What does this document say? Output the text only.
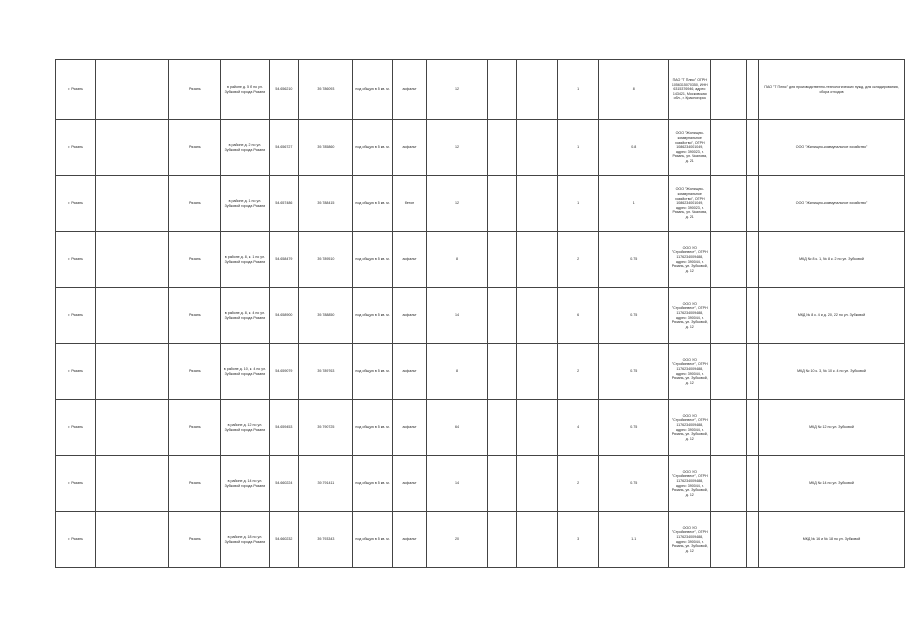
г. Рязань		Рязань	в районе д. 5 б по ул. Зубковой города Рязани	54.656210	39.786093	под общую в 5 кв. м.	асфальт	12			1	8	ПАО "Т Плюс" ОГРН 1056315070350, ИНН 6315376946, адрес: 143421, Московская обл., г. Красногорск			ПАО "Т Плюс" для производственно-технологических нужд, для складирования, сбора отходов
г. Рязань		Рязань	в районе д. 2 по ул. Зубковой города Рязани	54.656727	39.785860	под общую в 5 кв. м.	асфальт	12			1	0.8	ООО "Жилищно-коммунальное хозяйство", ОГРН 1086234001049, адрес: 390023, г. Рязань, ул. Чкалова, д. 21			ООО "Жилищно-коммунальное хозяйство"
г. Рязань		Рязань	в районе д. 1 по ул. Зубковой города Рязани	54.657486	39.788415	под общую в 5 кв. м.	бетон	12			1	1	ООО "Жилищно-коммунальное хозяйство", ОГРН 1086234001049, адрес: 390023, г. Рязань, ул. Чкалова, д. 21			ООО "Жилищно-коммунальное хозяйство"
г. Рязань		Рязань	в районе д. 8, к. 1 по ул. Зубковой города Рязани	54.658479	39.789510	под общую в 5 кв. м.	асфальт	8			2	0.75	ООО УО "Стройинвест", ОГРН 1176234009488, адрес: 390044, г. Рязань, ул. Зубковой, д. 12			МКД № 8 к. 1, № 8 к. 2 по ул. Зубковой
г. Рязань		Рязань	в районе д. 8, к. 4 по ул. Зубковой города Рязани	54.658900	39.788850	под общую в 5 кв. м.	асфальт	14			6	0.75	ООО УО "Стройинвест", ОГРН 1176234009488, адрес: 390044, г. Рязань, ул. Зубковой, д. 12			МКД № 8 к. 4 и д. 20, 22 по ул. Зубковой
г. Рязань		Рязань	в районе д. 10, к. 4 по ул. Зубковой города Рязани	54.659079	39.789763	под общую в 5 кв. м.	асфальт	8			2	0.75	ООО УО "Стройинвест", ОГРН 1176234009488, адрес: 390044, г. Рязань, ул. Зубковой, д. 12			МКД № 10 к. 3, № 10 к. 4 по ул. Зубковой
г. Рязань		Рязань	в районе д. 12 по ул. Зубковой города Рязани	54.659453	39.790725	под общую в 5 кв. м.	асфальт	64			4	0.75	ООО УО "Стройинвест", ОГРН 1176234009488, адрес: 390044, г. Рязань, ул. Зубковой, д. 12			МКД № 12 по ул. Зубковой
г. Рязань		Рязань	в районе д. 14 по ул. Зубковой города Рязани	54.660224	39.791411	под общую в 5 кв. м.	асфальт	14			2	0.75	ООО УО "Стройинвест", ОГРН 1176234009488, адрес: 390044, г. Рязань, ул. Зубковой, д. 12			МКД № 14 по ул. Зубковой
г. Рязань		Рязань	в районе д. 18 по ул. Зубковой города Рязани	54.660232	39.793343	под общую в 5 кв. м.	асфальт	20			3	1.1	ООО УО "Стройинвест", ОГРН 1176234009488, адрес: 390044, г. Рязань, ул. Зубковой, д. 12			МКД № 16 и № 18 по ул. Зубковой
